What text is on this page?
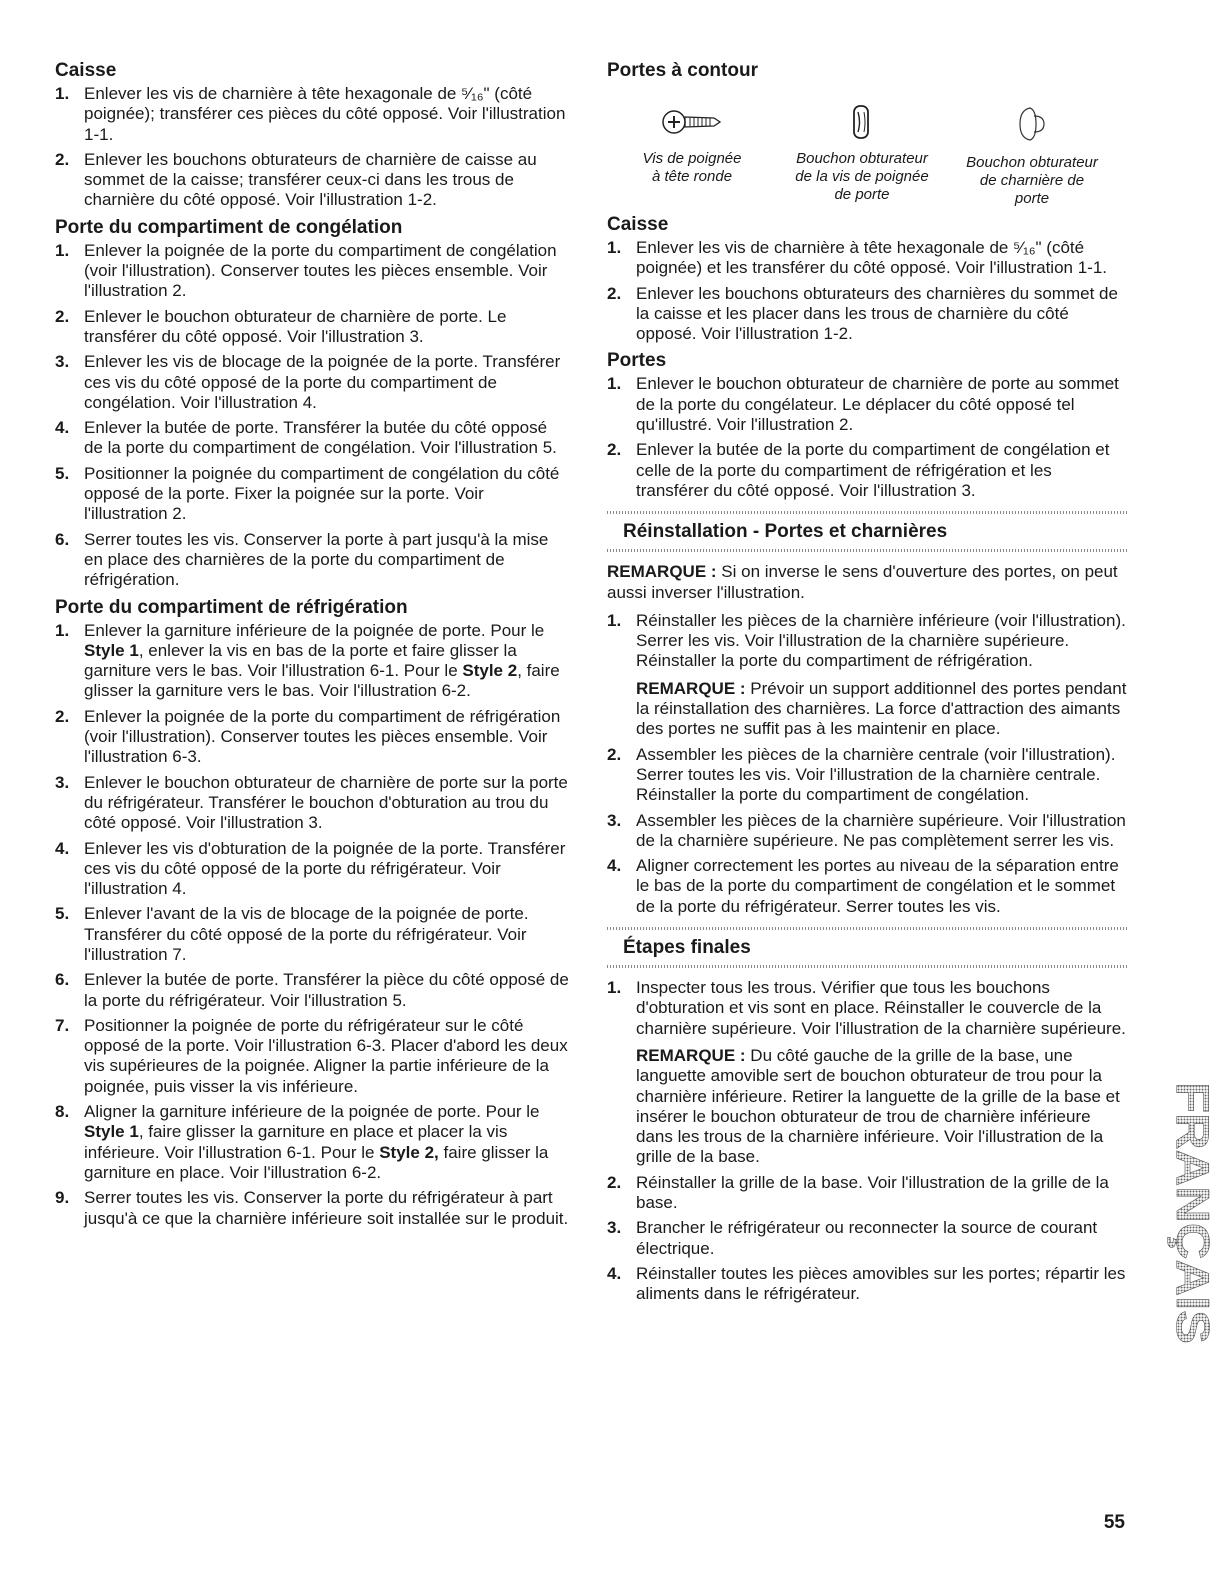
Caisse
1. Enlever les vis de charnière à tête hexagonale de ⁵⁄₁₆" (côté poignée); transférer ces pièces du côté opposé. Voir l'illustration 1-1.
2. Enlever les bouchons obturateurs de charnière de caisse au sommet de la caisse; transférer ceux-ci dans les trous de charnière du côté opposé. Voir l'illustration 1-2.
Porte du compartiment de congélation
1. Enlever la poignée de la porte du compartiment de congélation (voir l'illustration). Conserver toutes les pièces ensemble. Voir l'illustration 2.
2. Enlever le bouchon obturateur de charnière de porte. Le transférer du côté opposé. Voir l'illustration 3.
3. Enlever les vis de blocage de la poignée de la porte. Transférer ces vis du côté opposé de la porte du compartiment de congélation. Voir l'illustration 4.
4. Enlever la butée de porte. Transférer la butée du côté opposé de la porte du compartiment de congélation. Voir l'illustration 5.
5. Positionner la poignée du compartiment de congélation du côté opposé de la porte. Fixer la poignée sur la porte. Voir l'illustration 2.
6. Serrer toutes les vis. Conserver la porte à part jusqu'à la mise en place des charnières de la porte du compartiment de réfrigération.
Porte du compartiment de réfrigération
1. Enlever la garniture inférieure de la poignée de porte. Pour le Style 1, enlever la vis en bas de la porte et faire glisser la garniture vers le bas. Voir l'illustration 6-1. Pour le Style 2, faire glisser la garniture vers le bas. Voir l'illustration 6-2.
2. Enlever la poignée de la porte du compartiment de réfrigération (voir l'illustration). Conserver toutes les pièces ensemble. Voir l'illustration 6-3.
3. Enlever le bouchon obturateur de charnière de porte sur la porte du réfrigérateur. Transférer le bouchon d'obturation au trou du côté opposé. Voir l'illustration 3.
4. Enlever les vis d'obturation de la poignée de la porte. Transférer ces vis du côté opposé de la porte du réfrigérateur. Voir l'illustration 4.
5. Enlever l'avant de la vis de blocage de la poignée de porte. Transférer du côté opposé de la porte du réfrigérateur. Voir l'illustration 7.
6. Enlever la butée de porte. Transférer la pièce du côté opposé de la porte du réfrigérateur. Voir l'illustration 5.
7. Positionner la poignée de porte du réfrigérateur sur le côté opposé de la porte. Voir l'illustration 6-3. Placer d'abord les deux vis supérieures de la poignée. Aligner la partie inférieure de la poignée, puis visser la vis inférieure.
8. Aligner la garniture inférieure de la poignée de porte. Pour le Style 1, faire glisser la garniture en place et placer la vis inférieure. Voir l'illustration 6-1. Pour le Style 2, faire glisser la garniture en place. Voir l'illustration 6-2.
9. Serrer toutes les vis. Conserver la porte du réfrigérateur à part jusqu'à ce que la charnière inférieure soit installée sur le produit.
Portes à contour
Vis de poignée
à tête ronde
Bouchon obturateur
de la vis de poignée
de porte
Bouchon obturateur
de charnière de
porte
Caisse
1. Enlever les vis de charnière à tête hexagonale de ⁵⁄₁₆" (côté poignée) et les transférer du côté opposé. Voir l'illustration 1-1.
2. Enlever les bouchons obturateurs des charnières du sommet de la caisse et les placer dans les trous de charnière du côté opposé. Voir l'illustration 1-2.
Portes
1. Enlever le bouchon obturateur de charnière de porte au sommet de la porte du congélateur. Le déplacer du côté opposé tel qu'illustré. Voir l'illustration 2.
2. Enlever la butée de la porte du compartiment de congélation et celle de la porte du compartiment de réfrigération et les transférer du côté opposé. Voir l'illustration 3.
Réinstallation - Portes et charnières
REMARQUE : Si on inverse le sens d'ouverture des portes, on peut aussi inverser l'illustration.
1. Réinstaller les pièces de la charnière inférieure (voir l'illustration). Serrer les vis. Voir l'illustration de la charnière supérieure. Réinstaller la porte du compartiment de réfrigération.
REMARQUE : Prévoir un support additionnel des portes pendant la réinstallation des charnières. La force d'attraction des aimants des portes ne suffit pas à les maintenir en place.
2. Assembler les pièces de la charnière centrale (voir l'illustration). Serrer toutes les vis. Voir l'illustration de la charnière centrale. Réinstaller la porte du compartiment de congélation.
3. Assembler les pièces de la charnière supérieure. Voir l'illustration de la charnière supérieure. Ne pas complètement serrer les vis.
4. Aligner correctement les portes au niveau de la séparation entre le bas de la porte du compartiment de congélation et le sommet de la porte du réfrigérateur. Serrer toutes les vis.
Étapes finales
1. Inspecter tous les trous. Vérifier que tous les bouchons d'obturation et vis sont en place. Réinstaller le couvercle de la charnière supérieure. Voir l'illustration de la charnière supérieure.
REMARQUE : Du côté gauche de la grille de la base, une languette amovible sert de bouchon obturateur de trou pour la charnière inférieure. Retirer la languette de la grille de la base et insérer le bouchon obturateur de trou de charnière inférieure dans les trous de la charnière inférieure. Voir l'illustration de la grille de la base.
2. Réinstaller la grille de la base. Voir l'illustration de la grille de la base.
3. Brancher le réfrigérateur ou reconnecter la source de courant électrique.
4. Réinstaller toutes les pièces amovibles sur les portes; répartir les aliments dans le réfrigérateur.	FRANÇAIS
55
